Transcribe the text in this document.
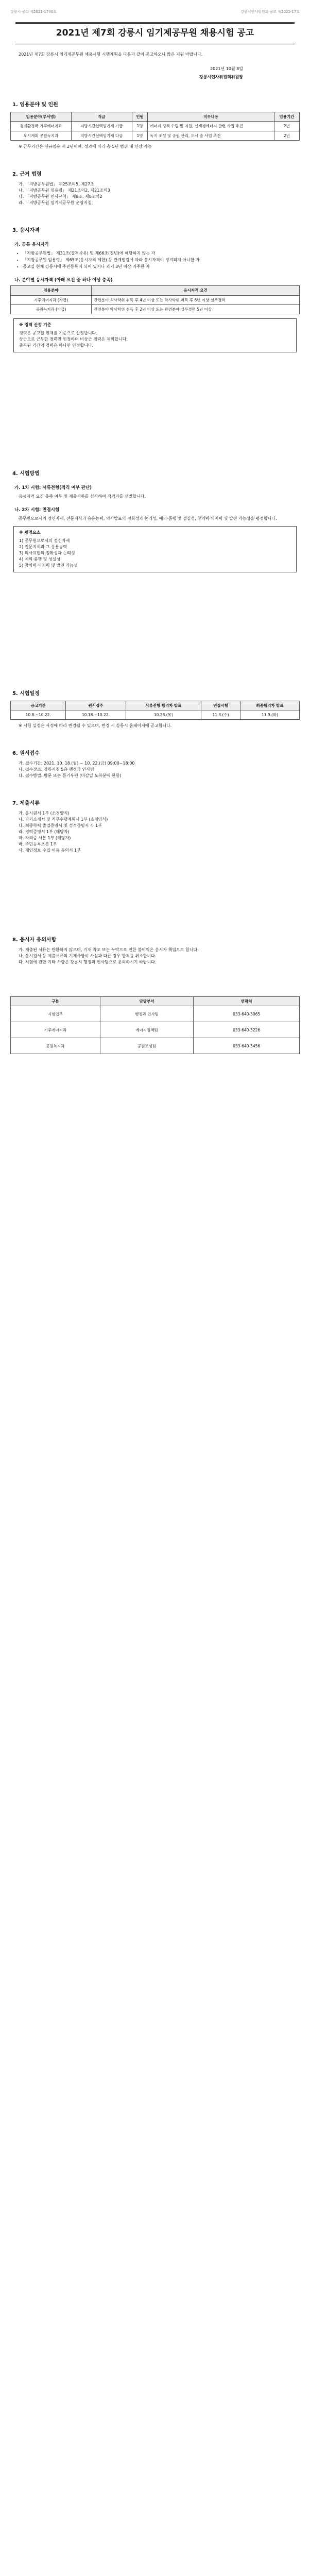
강릉시 공고 제2021-1740호	강릉시인사위원회 공고 제2021-17호
2021년 제7회 강릉시 임기제공무원 채용시험 공고
2021년 제7회 강릉시 임기제공무원 채용시험 시행계획을 다음과 같이 공고하오니 많은 지원 바랍니다.
2021년 10월 8일
강릉시인사위원회위원장
1. 임용분야 및 인원
임용분야(부서명)	직급	인원	직무내용	임용기간
경제환경국 기후에너지과	지방시간선택임기제 가급	1명	에너지 정책 수립 및 지원, 신재생에너지 관련 사업 추진	2년
도시계획 공원녹지과	지방시간선택임기제 다급	1명	녹지 조성 및 공원 관리, 도시 숲 사업 추진	2년
※ 근무기간은 신규임용 시 2년이며, 성과에 따라 총 5년 범위 내 연장 가능
2. 근거 법령
가. 「지방공무원법」 제25조의5, 제27조
나. 「지방공무원 임용령」 제21조의2, 제21조의3
다. 「지방공무원 인사규칙」 제8조, 제8조의2
라. 「지방공무원 임기제공무원 운영지침」
3. 응시자격
가. 공통 응시자격
• 「지방공무원법」 제31조(결격사유) 및 제66조(정년)에 해당하지 않는 자
• 「지방공무원 임용령」 제65조(응시자격 제한) 등 관계법령에 따라 응시자격이 정지되지 아니한 자
• 공고일 현재 강릉시에 주민등록이 되어 있거나 과거 3년 이상 거주한 자
나. 분야별 응시자격 (아래 요건 중 하나 이상 충족)
임용분야	응시자격 요건
기후에너지과 (가급)	관련분야 석사학위 취득 후 4년 이상 또는 학사학위 취득 후 6년 이상 실무경력
공원녹지과 (다급)	관련분야 학사학위 취득 후 2년 이상 또는 관련분야 실무경력 5년 이상
※ 경력 산정 기준
경력은 공고일 현재를 기준으로 산정합니다.
상근으로 근무한 경력만 인정하며 비상근 경력은 제외합니다.
중복된 기간의 경력은 하나만 인정합니다.
4. 시험방법
가. 1차 시험: 서류전형(적격 여부 판단)
응시자격 요건 충족 여부 및 제출서류를 심사하여 적격자를 선발합니다.
나. 2차 시험: 면접시험
공무원으로서의 정신자세, 전문지식과 응용능력, 의사발표의 정확성과 논리성, 예의·품행 및 성실성, 창의력·의지력 및 발전 가능성을 평정합니다.
※ 평정요소
1) 공무원으로서의 정신자세
2) 전문지식과 그 응용능력
3) 의사표현의 정확성과 논리성
4) 예의·품행 및 성실성
5) 창의력·의지력 및 발전 가능성
5. 시험일정
공고기간	원서접수	서류전형 합격자 발표	면접시험	최종합격자 발표
10.8.~10.22.	10.18.~10.22.	10.28.(목)	11.3.(수)	11.9.(화)
※ 시험 일정은 사정에 따라 변경될 수 있으며, 변경 시 강릉시 홈페이지에 공고합니다.
6. 원서접수
가. 접수기간: 2021. 10. 18.(월) ~ 10. 22.(금) 09:00~18:00
나. 접수장소: 강릉시청 5층 행정과 인사팀
다. 접수방법: 방문 또는 등기우편 (마감일 도착분에 한함)
7. 제출서류
가. 응시원서 1부 (소정양식)
나. 자기소개서 및 직무수행계획서 1부 (소정양식)
다. 최종학력 졸업증명서 및 성적증명서 각 1부
라. 경력증명서 1부 (해당자)
마. 자격증 사본 1부 (해당자)
바. 주민등록초본 1부
사. 개인정보 수집·이용 동의서 1부
8. 응시자 유의사항
가. 제출된 서류는 반환하지 않으며, 기재 착오 또는 누락으로 인한 불이익은 응시자 책임으로 합니다.
나. 응시원서 등 제출서류의 기재사항이 사실과 다른 경우 합격을 취소합니다.
다. 시험에 관한 기타 사항은 강릉시 행정과 인사팀으로 문의하시기 바랍니다.
구분	담당부서	연락처
시험업무	행정과 인사팀	033-640-5065
기후에너지과	에너지정책팀	033-640-5226
공원녹지과	공원조성팀	033-640-5456
